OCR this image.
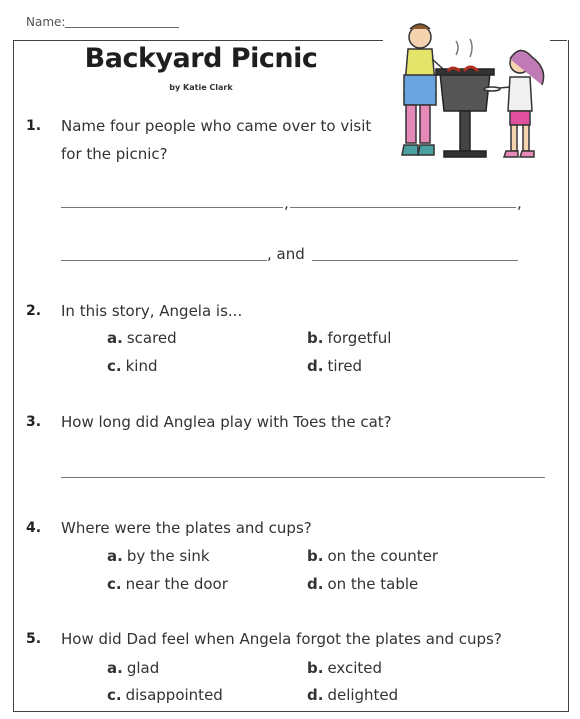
Name:
Backyard Picnic
by Katie Clark
1. Name four people who came over to visit
for the picnic?
,	,
, and
2. In this story, Angela is...
a. scared	b. forgetful
c. kind	d. tired
3. How long did Anglea play with Toes the cat?
4. Where were the plates and cups?
a. by the sink	b. on the counter
c. near the door	d. on the table
5. How did Dad feel when Angela forgot the plates and cups?
a. glad	b. excited
c. disappointed	d. delighted
